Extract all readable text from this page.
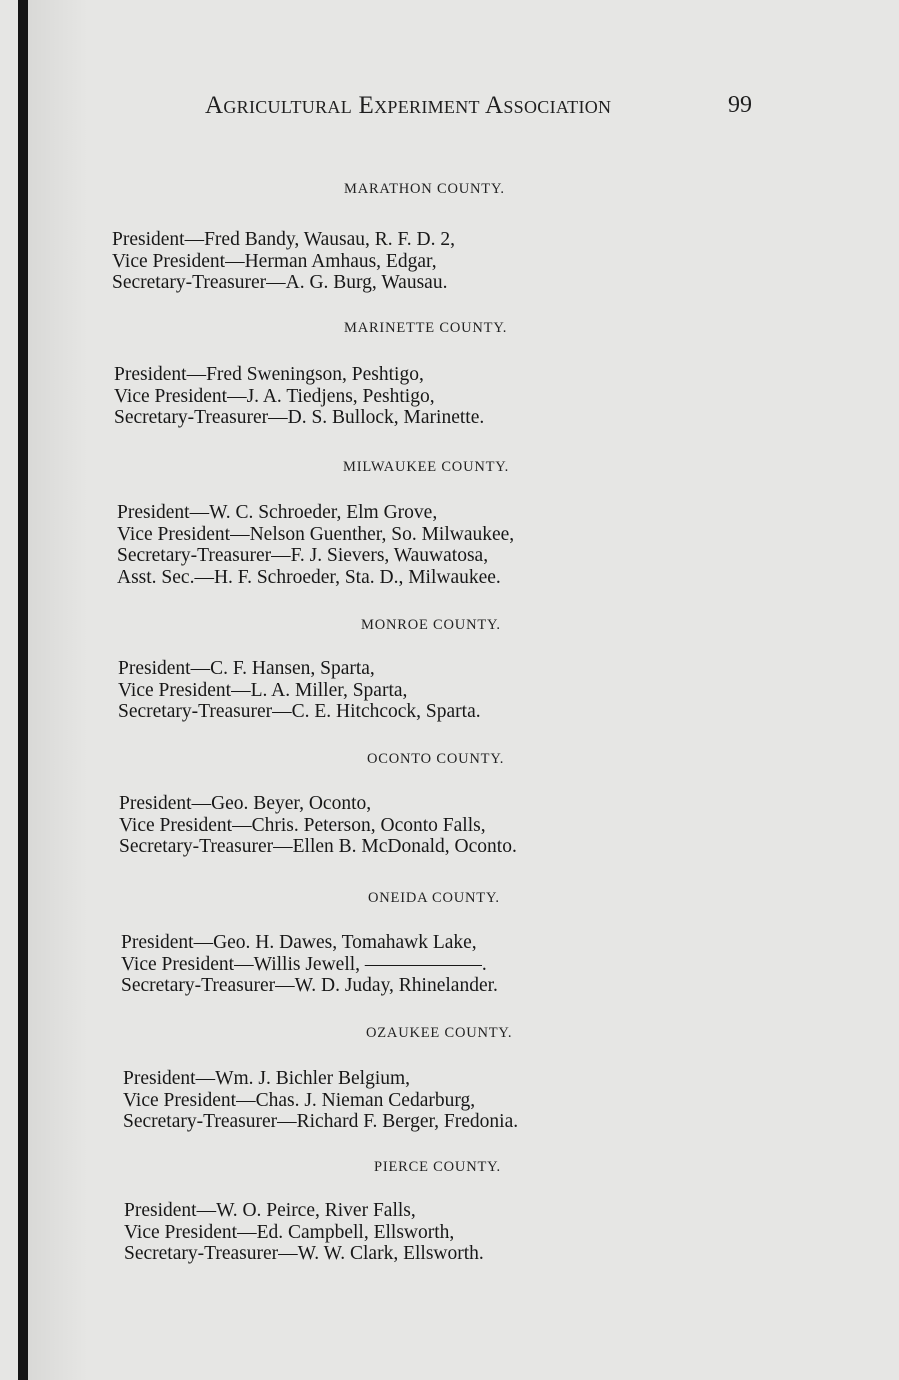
Agricultural Experiment Association	99
MARATHON COUNTY.
President—Fred Bandy, Wausau, R. F. D. 2,
Vice President—Herman Amhaus, Edgar,
Secretary-Treasurer—A. G. Burg, Wausau.
MARINETTE COUNTY.
President—Fred Sweningson, Peshtigo,
Vice President—J. A. Tiedjens, Peshtigo,
Secretary-Treasurer—D. S. Bullock, Marinette.
MILWAUKEE COUNTY.
President—W. C. Schroeder, Elm Grove,
Vice President—Nelson Guenther, So. Milwaukee,
Secretary-Treasurer—F. J. Sievers, Wauwatosa,
Asst. Sec.—H. F. Schroeder, Sta. D., Milwaukee.
MONROE COUNTY.
President—C. F. Hansen, Sparta,
Vice President—L. A. Miller, Sparta,
Secretary-Treasurer—C. E. Hitchcock, Sparta.
OCONTO COUNTY.
President—Geo. Beyer, Oconto,
Vice President—Chris. Peterson, Oconto Falls,
Secretary-Treasurer—Ellen B. McDonald, Oconto.
ONEIDA COUNTY.
President—Geo. H. Dawes, Tomahawk Lake,
Vice President—Willis Jewell, ——————.
Secretary-Treasurer—W. D. Juday, Rhinelander.
OZAUKEE COUNTY.
President—Wm. J. Bichler Belgium,
Vice President—Chas. J. Nieman Cedarburg,
Secretary-Treasurer—Richard F. Berger, Fredonia.
PIERCE COUNTY.
President—W. O. Peirce, River Falls,
Vice President—Ed. Campbell, Ellsworth,
Secretary-Treasurer—W. W. Clark, Ellsworth.
